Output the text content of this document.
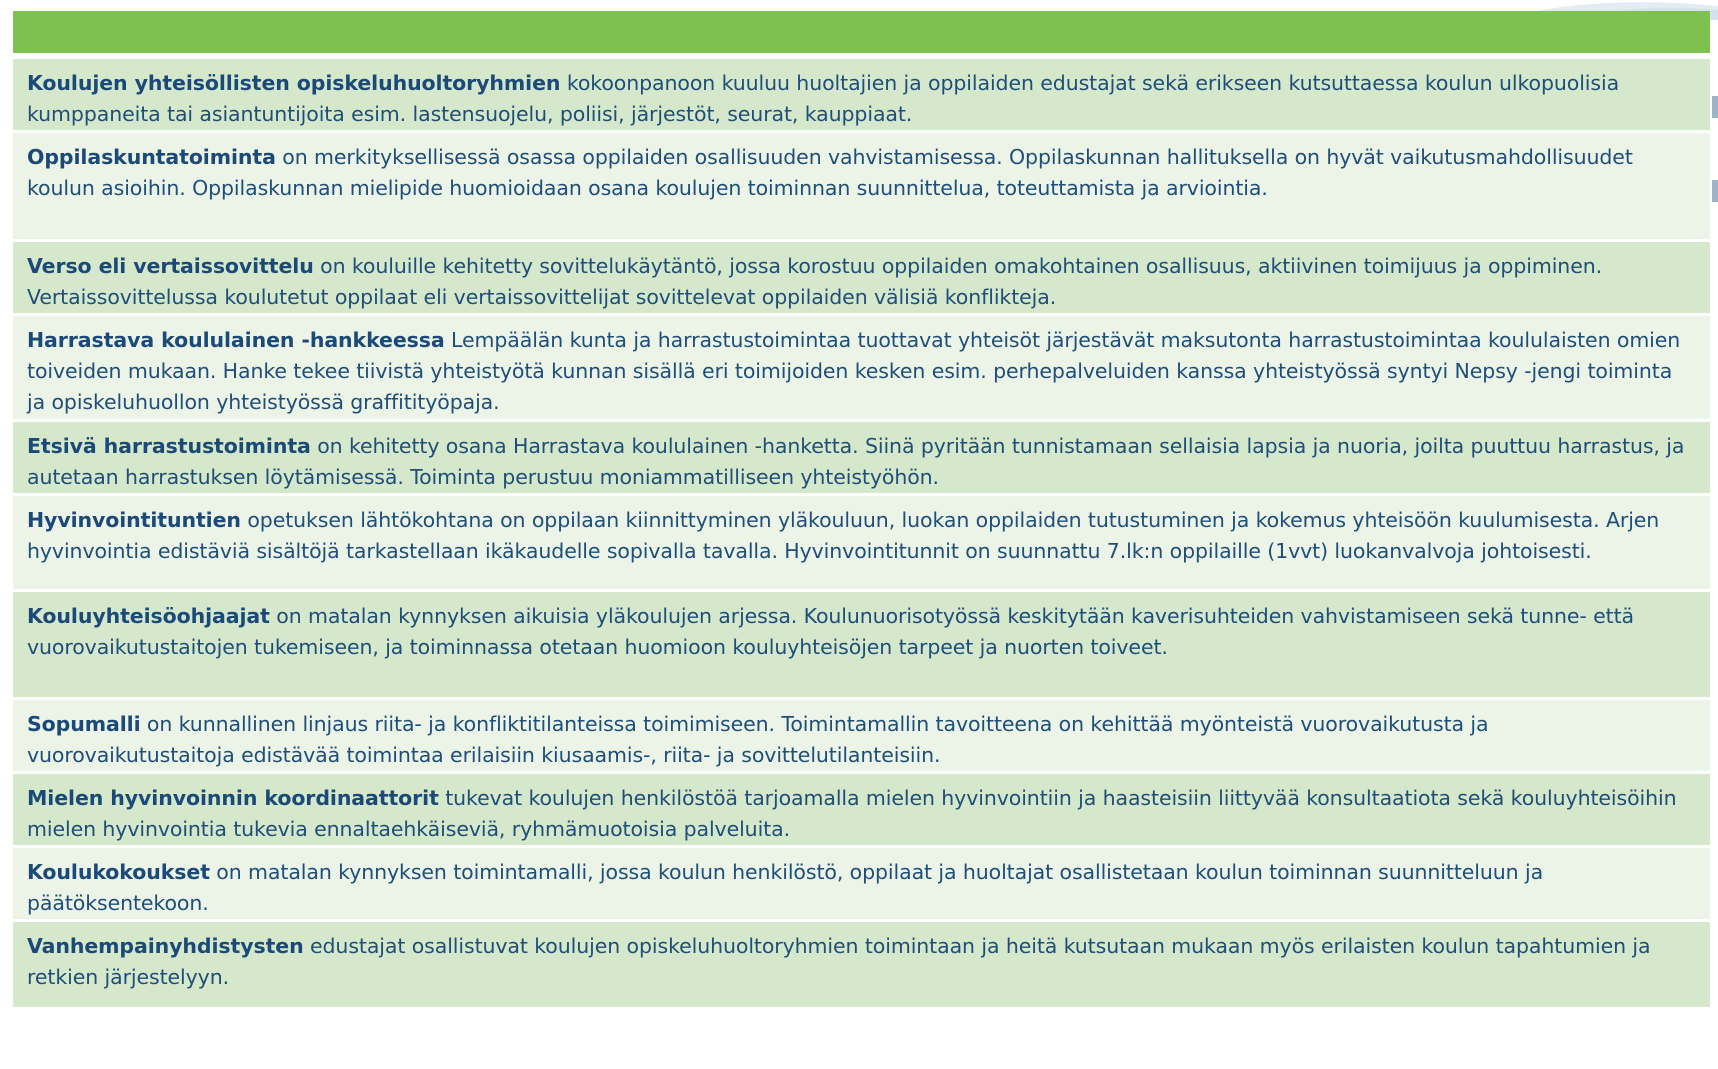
Koulujen yhteisöllisten opiskeluhuoltoryhmien kokoonpanoon kuuluu huoltajien ja oppilaiden edustajat sekä erikseen kutsuttaessa koulun ulkopuolisia kumppaneita tai asiantuntijoita esim. lastensuojelu, poliisi, järjestöt, seurat, kauppiaat.
Oppilaskuntatoiminta on merkityksellisessä osassa oppilaiden osallisuuden vahvistamisessa. Oppilaskunnan hallituksella on hyvät vaikutusmahdollisuudet koulun asioihin. Oppilaskunnan mielipide huomioidaan osana koulujen toiminnan suunnittelua, toteuttamista ja arviointia.
Verso eli vertaissovittelu on kouluille kehitetty sovittelukäytäntö, jossa korostuu oppilaiden omakohtainen osallisuus, aktiivinen toimijuus ja oppiminen. Vertaissovittelussa koulutetut oppilaat eli vertaissovittelijat sovittelevat oppilaiden välisiä konflikteja.
Harrastava koululainen -hankkeessa Lempäälän kunta ja harrastustoimintaa tuottavat yhteisöt järjestävät maksutonta harrastustoimintaa koululaisten omien toiveiden mukaan. Hanke tekee tiivistä yhteistyötä kunnan sisällä eri toimijoiden kesken esim. perhepalveluiden kanssa yhteistyössä syntyi Nepsy -jengi toiminta ja opiskeluhuollon yhteistyössä graffitityöpaja.
Etsivä harrastustoiminta on kehitetty osana Harrastava koululainen -hanketta. Siinä pyritään tunnistamaan sellaisia lapsia ja nuoria, joilta puuttuu harrastus, ja autetaan harrastuksen löytämisessä. Toiminta perustuu moniammatilliseen yhteistyöhön.
Hyvinvointituntien opetuksen lähtökohtana on oppilaan kiinnittyminen yläkouluun, luokan oppilaiden tutustuminen ja kokemus yhteisöön kuulumisesta. Arjen hyvinvointia edistäviä sisältöjä tarkastellaan ikäkaudelle sopivalla tavalla. Hyvinvointitunnit on suunnattu 7.lk:n oppilaille (1vvt) luokanvalvoja johtoisesti.
Kouluyhteisöohjaajat on matalan kynnyksen aikuisia yläkoulujen arjessa. Koulunuorisotyössä keskitytään kaverisuhteiden vahvistamiseen sekä tunne- että vuorovaikutustaitojen tukemiseen, ja toiminnassa otetaan huomioon kouluyhteisöjen tarpeet ja nuorten toiveet.
Sopumalli on kunnallinen linjaus riita- ja konfliktitilanteissa toimimiseen. Toimintamallin tavoitteena on kehittää myönteistä vuorovaikutusta ja vuorovaikutustaitoja edistävää toimintaa erilaisiin kiusaamis-, riita- ja sovittelutilanteisiin.
Mielen hyvinvoinnin koordinaattorit tukevat koulujen henkilöstöä tarjoamalla mielen hyvinvointiin ja haasteisiin liittyvää konsultaatiota sekä kouluyhteisöihin mielen hyvinvointia tukevia ennaltaehkäiseviä, ryhmämuotoisia palveluita.
Koulukokoukset on matalan kynnyksen toimintamalli, jossa koulun henkilöstö, oppilaat ja huoltajat osallistetaan koulun toiminnan suunnitteluun ja päätöksentekoon.
Vanhempainyhdistysten edustajat osallistuvat koulujen opiskeluhuoltoryhmien toimintaan ja heitä kutsutaan mukaan myös erilaisten koulun tapahtumien ja retkien järjestelyyn.
